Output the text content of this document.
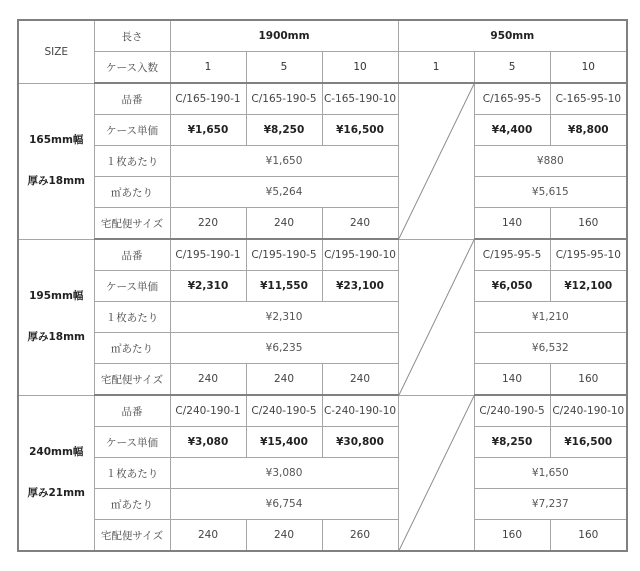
SIZE	長さ	1900mm			950mm		
	ケース入数	1	5	10	1	5	10

165mm幅
厚み18mm	品番	C/165-190-1	C/165-190-5	C-165-190-10		C/165-95-5	C-165-95-10
	ケース単価	¥1,650	¥8,250	¥16,500		¥4,400	¥8,800
	１枚あたり	¥1,650				¥880	
	㎡あたり	¥5,264				¥5,615	
	宅配便サイズ	220	240	240		140	160

195mm幅
厚み18mm	品番	C/195-190-1	C/195-190-5	C/195-190-10		C/195-95-5	C/195-95-10
	ケース単価	¥2,310	¥11,550	¥23,100		¥6,050	¥12,100
	１枚あたり	¥2,310				¥1,210	
	㎡あたり	¥6,235				¥6,532	
	宅配便サイズ	240	240	240		140	160

240mm幅
厚み21mm	品番	C/240-190-1	C/240-190-5	C-240-190-10		C/240-190-5	C/240-190-10
	ケース単価	¥3,080	¥15,400	¥30,800		¥8,250	¥16,500
	１枚あたり	¥3,080				¥1,650	
	㎡あたり	¥6,754				¥7,237	
	宅配便サイズ	240	240	260		160	160
